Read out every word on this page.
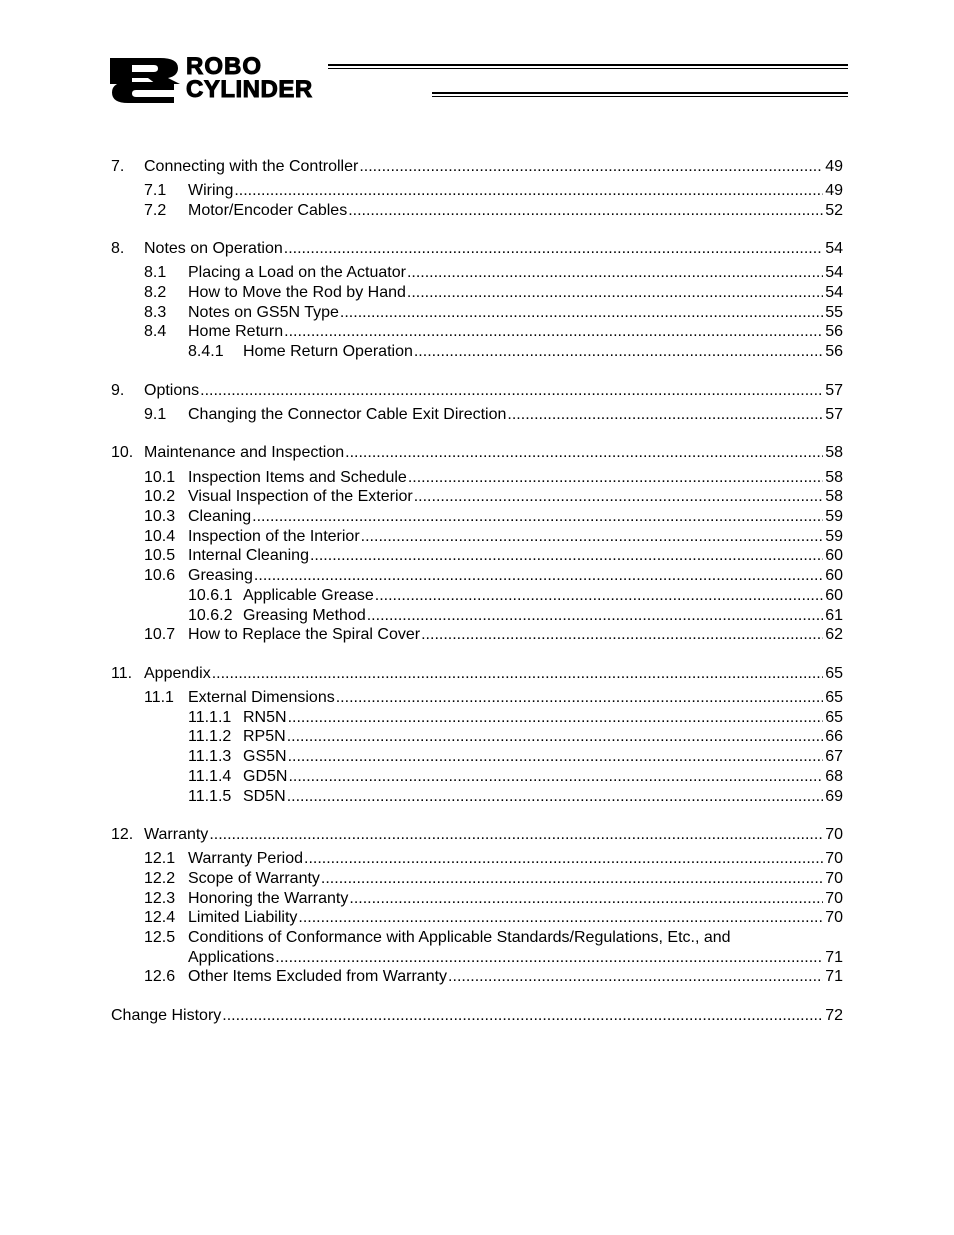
ROBO
CYLINDER
7. Connecting with the Controller .....	49
7.1 Wiring .....	49
7.2 Motor/Encoder Cables .....	52
8. Notes on Operation .....	54
8.1 Placing a Load on the Actuator .....	54
8.2 How to Move the Rod by Hand .....	54
8.3 Notes on GS5N Type .....	55
8.4 Home Return .....	56
8.4.1 Home Return Operation .....	56
9. Options .....	57
9.1 Changing the Connector Cable Exit Direction .....	57
10. Maintenance and Inspection .....	58
10.1 Inspection Items and Schedule .....	58
10.2 Visual Inspection of the Exterior .....	58
10.3 Cleaning .....	59
10.4 Inspection of the Interior .....	59
10.5 Internal Cleaning .....	60
10.6 Greasing .....	60
10.6.1 Applicable Grease .....	60
10.6.2 Greasing Method .....	61
10.7 How to Replace the Spiral Cover .....	62
11. Appendix .....	65
11.1 External Dimensions .....	65
11.1.1 RN5N .....	65
11.1.2 RP5N .....	66
11.1.3 GS5N .....	67
11.1.4 GD5N .....	68
11.1.5 SD5N .....	69
12. Warranty .....	70
12.1 Warranty Period .....	70
12.2 Scope of Warranty .....	70
12.3 Honoring the Warranty .....	70
12.4 Limited Liability .....	70
12.5 Conditions of Conformance with Applicable Standards/Regulations, Etc., and
Applications .....	71
12.6 Other Items Excluded from Warranty .....	71
Change History .....	72
